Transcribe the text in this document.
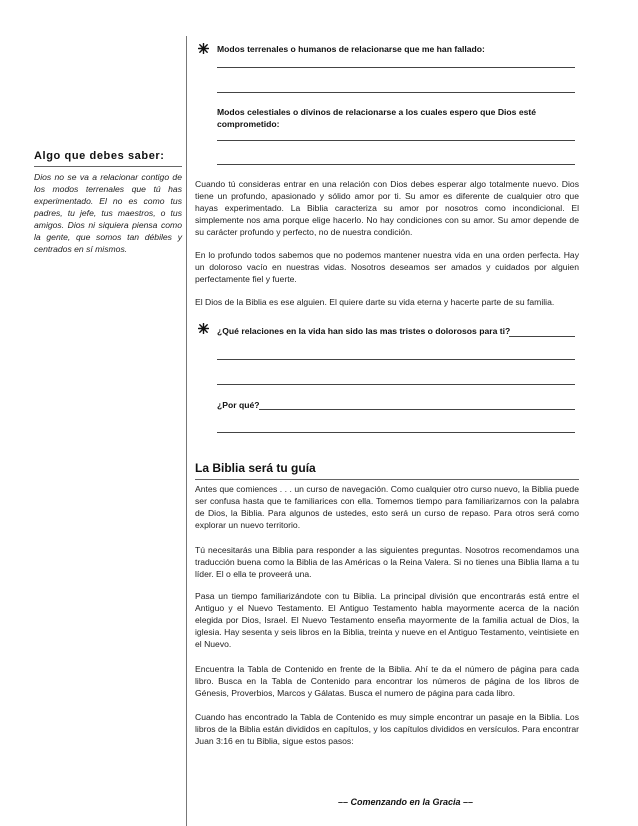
Algo que debes saber:

Dios no se va a relacionar contigo de los modos terrenales que tú has experimentado. El no es como tus padres, tu jefe, tus maestros, o tus amigos. Dios ni siquiera piensa como la gente, que somos tan débiles y centrados en sí mismos.

Modos terrenales o humanos de relacionarse que me han fallado:
Modos celestiales o divinos de relacionarse a los cuales espero que Dios esté
comprometido:

Cuando tú consideras entrar en una relación con Dios debes esperar algo totalmente nuevo. Dios tiene un profundo, apasionado y sólido amor por ti. Su amor es diferente de cualquier otro que hayas experimentado. La Biblia caracteriza su amor por nosotros como incondicional. El simplemente nos ama porque elige hacerlo. No hay condiciones con su amor. Su amor depende de su carácter profundo y perfecto, no de nuestra condición.

En lo profundo todos sabemos que no podemos mantener nuestra vida en una orden perfecta. Hay un doloroso vacío en nuestras vidas. Nosotros deseamos ser amados y cuidados por alguien perfectamente fiel y fuerte.

El Dios de la Biblia es ese alguien. El quiere darte su vida eterna y hacerte parte de su familia.

¿Qué relaciones en la vida han sido las mas tristes o dolorosos para ti?
¿Por qué?
La Biblia será tu guía

Antes que comiences . . . un curso de navegación. Como cualquier otro curso nuevo, la Biblia puede ser confusa hasta que te familiarices con ella. Tomemos tiempo para familiarizarnos con la palabra de Dios, la Biblia. Para algunos de ustedes, esto será un curso de repaso. Para otros será como explorar un nuevo territorio.

Tú necesitarás una Biblia para responder a las siguientes preguntas. Nosotros recomendamos una traducción buena como la Biblia de las Américas o la Reina Valera. Si no tienes una Biblia llama a tu líder. El o ella te proveerá una.

Pasa un tiempo familiarizándote con tu Biblia. La principal división que encontrarás está entre el Antiguo y el Nuevo Testamento. El Antiguo Testamento habla mayormente acerca de la nación elegida por Dios, Israel. El Nuevo Testamento enseña mayormente de la familia actual de Dios, la iglesia. Hay sesenta y seis libros en la Biblia, treinta y nueve en el Antiguo Testamento, veintisiete en el Nuevo.

Encuentra la Tabla de Contenido en frente de la Biblia. Ahí te da el número de página para cada libro. Busca en la Tabla de Contenido para encontrar los números de página de los libros de Génesis, Proverbios, Marcos y Gálatas. Busca el numero de página para cada libro.

Cuando has encontrado la Tabla de Contenido es muy simple encontrar un pasaje en la Biblia. Los libros de la Biblia están divididos en capítulos, y los capítulos divididos en versículos. Para encontrar Juan 3:16 en tu Biblia, sigue estos pasos:

–– Comenzando en la Gracia ––
